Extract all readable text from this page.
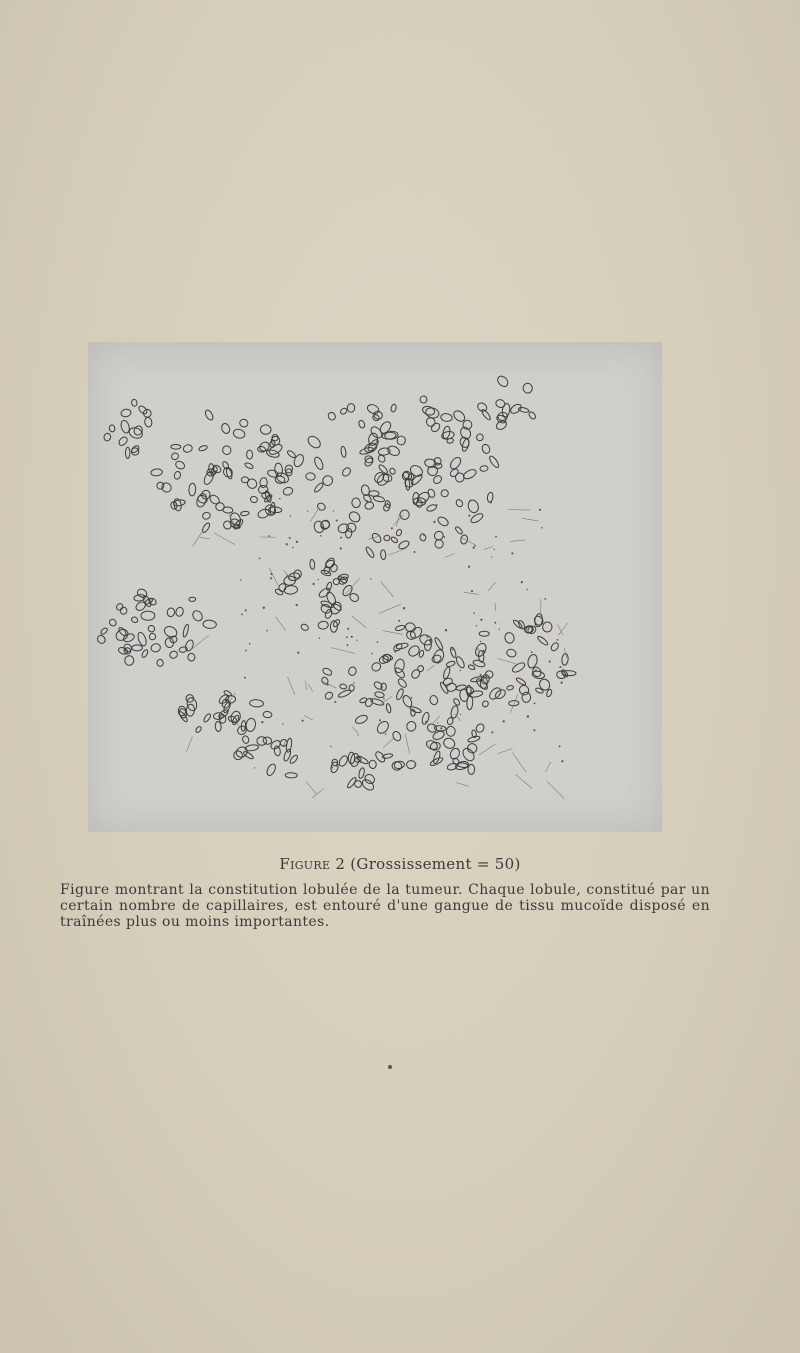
Figure 2 (Grossissement = 50)
Figure montrant la constitution lobulée de la tumeur. Chaque lobule, constitué par un certain nombre de capillaires, est entouré d'une gangue de tissu mucoïde disposé en traînées plus ou moins importantes.
